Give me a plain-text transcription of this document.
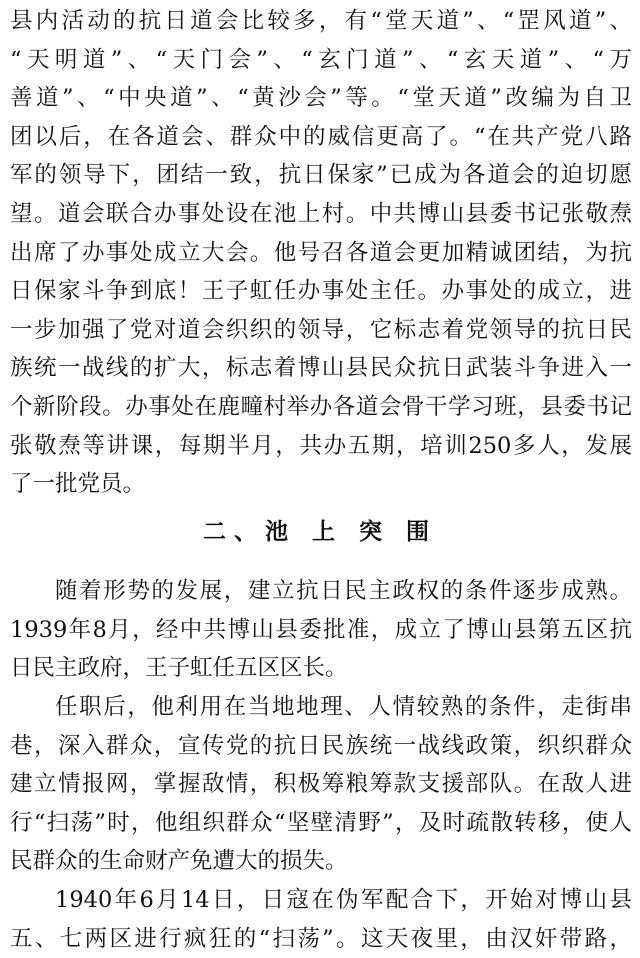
县内活动的抗日道会比较多，有“堂天道”、“罡风道”、
“天明道”、“天门会”、“玄门道”、“玄天道”、“万
善道”、“中央道”、“黄沙会”等。“堂天道”改编为自卫
团以后，在各道会、群众中的威信更高了。“在共产党八路
军的领导下，团结一致，抗日保家”已成为各道会的迫切愿
望。道会联合办事处设在池上村。中共博山县委书记张敬焘
出席了办事处成立大会。他号召各道会更加精诚团结，为抗
日保家斗争到底！王子虹任办事处主任。办事处的成立，进
一步加强了党对道会织织的领导，它标志着党领导的抗日民
族统一战线的扩大，标志着博山县民众抗日武装斗争进入一
个新阶段。办事处在鹿疃村举办各道会骨干学习班，县委书记
张敬焘等讲课，每期半月，共办五期，培训250多人，发展
了一批党员。
二、池 上 突 围
随着形势的发展，建立抗日民主政权的条件逐步成熟。
1939年8月，经中共博山县委批准，成立了博山县第五区抗
日民主政府，王子虹任五区区长。
任职后，他利用在当地地理、人情较熟的条件，走街串
巷，深入群众，宣传党的抗日民族统一战线政策，织织群众
建立情报网，掌握敌情，积极筹粮筹款支援部队。在敌人进
行“扫荡”时，他组织群众“坚壁清野”，及时疏散转移，使人
民群众的生命财产免遭大的损失。
1940年6月14日，日寇在伪军配合下，开始对博山县
五、七两区进行疯狂的“扫荡”。这天夜里，由汉奸带路，
